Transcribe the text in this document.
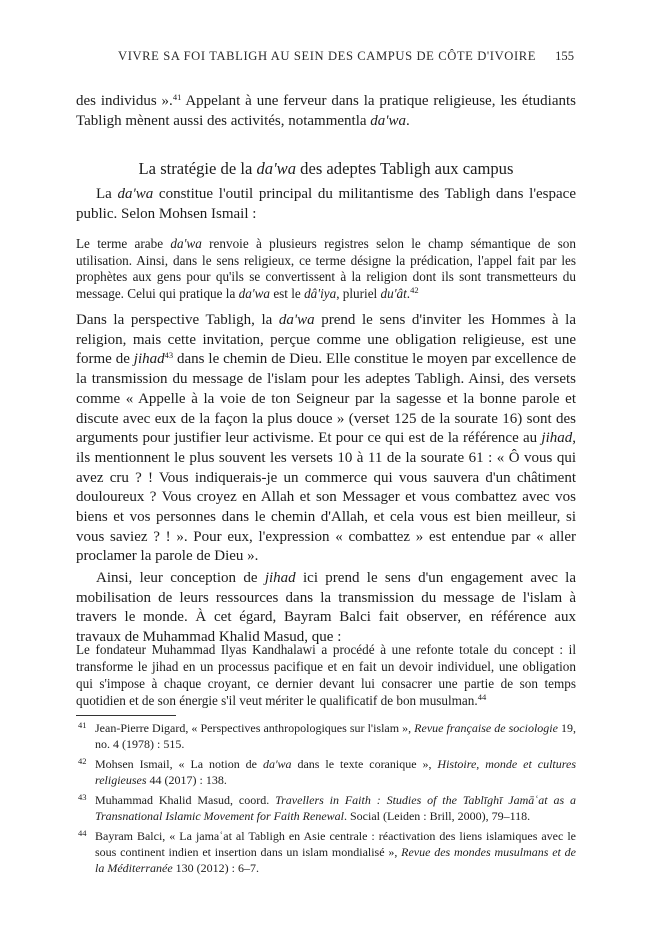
VIVRE SA FOI TABLIGH AU SEIN DES CAMPUS DE CÔTE D'IVOIRE 155

des individus ».$^{41}$ Appelant à une ferveur dans la pratique religieuse, les étudiants Tabligh mènent aussi des activités, notammentla da'wa.

La stratégie de la da'wa des adeptes Tabligh aux campus

La da'wa constitue l'outil principal du militantisme des Tabligh dans l'espace public. Selon Mohsen Ismail :

Le terme arabe da'wa renvoie à plusieurs registres selon le champ sémantique de son utilisation. Ainsi, dans le sens religieux, ce terme désigne la prédication, l'appel fait par les prophètes aux gens pour qu'ils se convertissent à la religion dont ils sont transmetteurs du message. Celui qui pratique la da'wa est le dâ'iya, pluriel du'ât.$^{42}$

Dans la perspective Tabligh, la da'wa prend le sens d'inviter les Hommes à la religion, mais cette invitation, perçue comme une obligation religieuse, est une forme de jihad$^{43}$ dans le chemin de Dieu. Elle constitue le moyen par excellence de la transmission du message de l'islam pour les adeptes Tabligh. Ainsi, des versets comme « Appelle à la voie de ton Seigneur par la sagesse et la bonne parole et discute avec eux de la façon la plus douce » (verset 125 de la sourate 16) sont des arguments pour justifier leur activisme. Et pour ce qui est de la référence au jihad, ils mentionnent le plus souvent les versets 10 à 11 de la sourate 61 : « Ô vous qui avez cru ? ! Vous indiquerais-je un commerce qui vous sauvera d'un châtiment douloureux ? Vous croyez en Allah et son Messager et vous combattez avec vos biens et vos personnes dans le chemin d'Allah, et cela vous est bien meilleur, si vous saviez ? ! ». Pour eux, l'expression « combattez » est entendue par « aller proclamer la parole de Dieu ».

Ainsi, leur conception de jihad ici prend le sens d'un engagement avec la mobilisation de leurs ressources dans la transmission du message de l'islam à travers le monde. À cet égard, Bayram Balci fait observer, en référence aux travaux de Muhammad Khalid Masud, que :

Le fondateur Muhammad Ilyas Kandhalawi a procédé à une refonte totale du concept : il transforme le jihad en un processus pacifique et en fait un devoir individuel, une obligation qui s'impose à chaque croyant, ce dernier devant lui consacrer une partie de son temps quotidien et de son énergie s'il veut mériter le qualificatif de bon musulman.$^{44}$
41 Jean-Pierre Digard, « Perspectives anthropologiques sur l'islam », Revue française de sociologie 19, no. 4 (1978) : 515.
42 Mohsen Ismail, « La notion de da'wa dans le texte coranique », Histoire, monde et cultures religieuses 44 (2017) : 138.
43 Muhammad Khalid Masud, coord. Travellers in Faith : Studies of the Tablīghī Jamāʿat as a Transnational Islamic Movement for Faith Renewal. Social (Leiden : Brill, 2000), 79–118.
44 Bayram Balci, « La jamaʿat al Tabligh en Asie centrale : réactivation des liens islamiques avec le sous continent indien et insertion dans un islam mondialisé », Revue des mondes musulmans et de la Méditerranée 130 (2012) : 6–7.
